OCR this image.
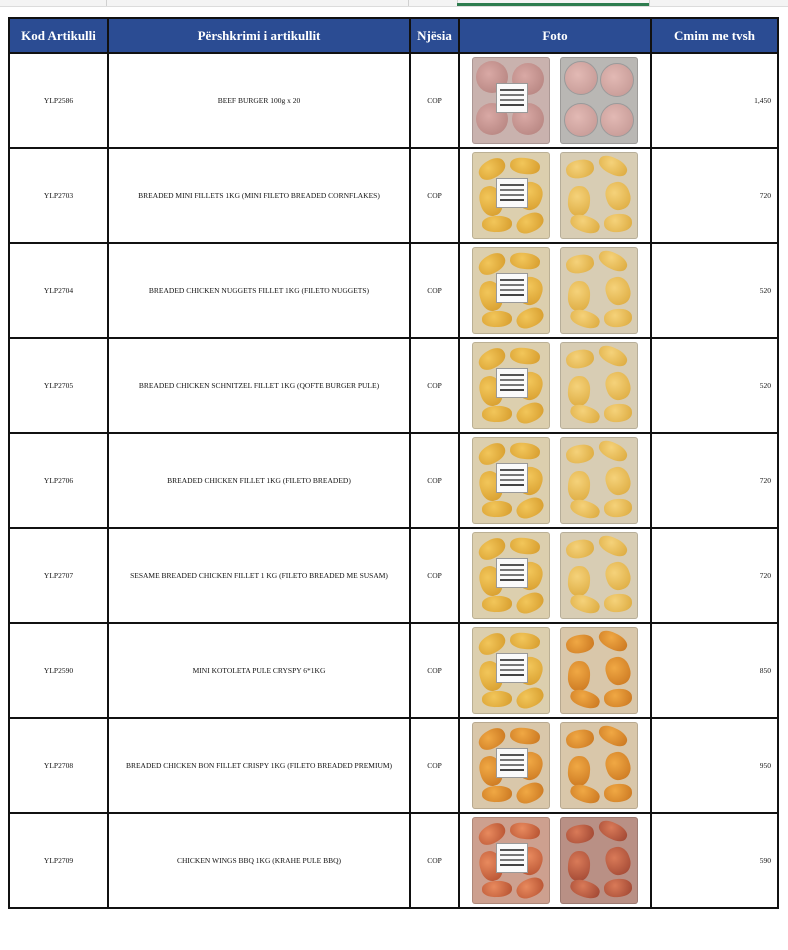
Kod Artikulli	Përshkrimi i artikullit	Njësia	Foto	Cmim me tvsh
YLP2586	BEEF BURGER 100g x 20	COP		1,450
YLP2703	BREADED MINI FILLETS 1KG (MINI FILETO BREADED CORNFLAKES)	COP		720
YLP2704	BREADED CHICKEN NUGGETS FILLET 1KG (FILETO NUGGETS)	COP		520
YLP2705	BREADED CHICKEN SCHNITZEL FILLET 1KG (QOFTE BURGER PULE)	COP		520
YLP2706	BREADED CHICKEN FILLET 1KG (FILETO BREADED)	COP		720
YLP2707	SESAME BREADED CHICKEN FILLET 1 KG (FILETO BREADED ME SUSAM)	COP		720
YLP2590	MINI KOTOLETA PULE CRYSPY 6*1KG	COP		850
YLP2708	BREADED CHICKEN BON FILLET CRISPY 1KG (FILETO BREADED PREMIUM)	COP		950
YLP2709	CHICKEN WINGS BBQ 1KG (KRAHE PULE BBQ)	COP		590
